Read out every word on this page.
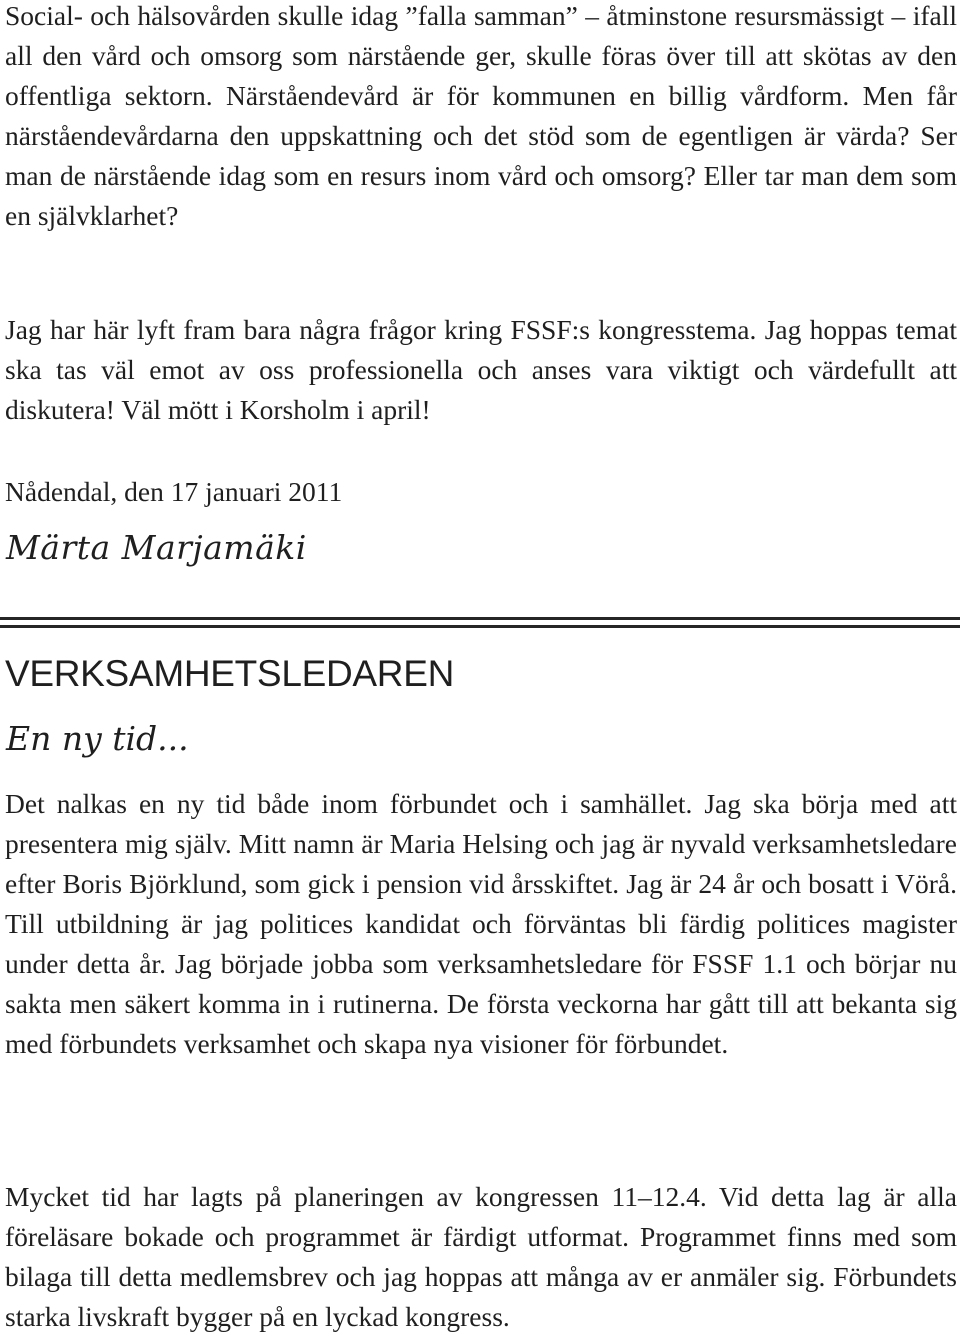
Social- och hälsovården skulle idag ”falla samman” – åtminstone resursmässigt – ifall all den vård och omsorg som närstående ger, skulle föras över till att skötas av den offentliga sektorn. Närståendevård är för kommunen en billig vårdform. Men får närståendevårdarna den uppskattning och det stöd som de egentligen är värda? Ser man de närstående idag som en resurs inom vård och omsorg? Eller tar man dem som en självklarhet?

Jag har här lyft fram bara några frågor kring FSSF:s kongresstema. Jag hoppas temat ska tas väl emot av oss professionella och anses vara viktigt och värdefullt att diskutera! Väl mött i Korsholm i april!

Nådendal, den 17 januari 2011

Märta Marjamäki

VERKSAMHETSLEDAREN
En ny tid...

Det nalkas en ny tid både inom förbundet och i samhället. Jag ska börja med att presentera mig själv. Mitt namn är Maria Helsing och jag är nyvald verksamhetsledare efter Boris Björklund, som gick i pension vid årsskiftet. Jag är 24 år och bosatt i Vörå. Till utbildning är jag politices kandidat och förväntas bli färdig politices magister under detta år. Jag började jobba som verksamhetsledare för FSSF 1.1 och börjar nu sakta men säkert komma in i rutinerna. De första veckorna har gått till att bekanta sig med förbundets verksamhet och skapa nya visioner för förbundet.

Mycket tid har lagts på planeringen av kongressen 11–12.4. Vid detta lag är alla föreläsare bokade och programmet är färdigt utformat. Programmet finns med som bilaga till detta medlemsbrev och jag hoppas att många av er anmäler sig. Förbundets starka livskraft bygger på en lyckad kongress.
